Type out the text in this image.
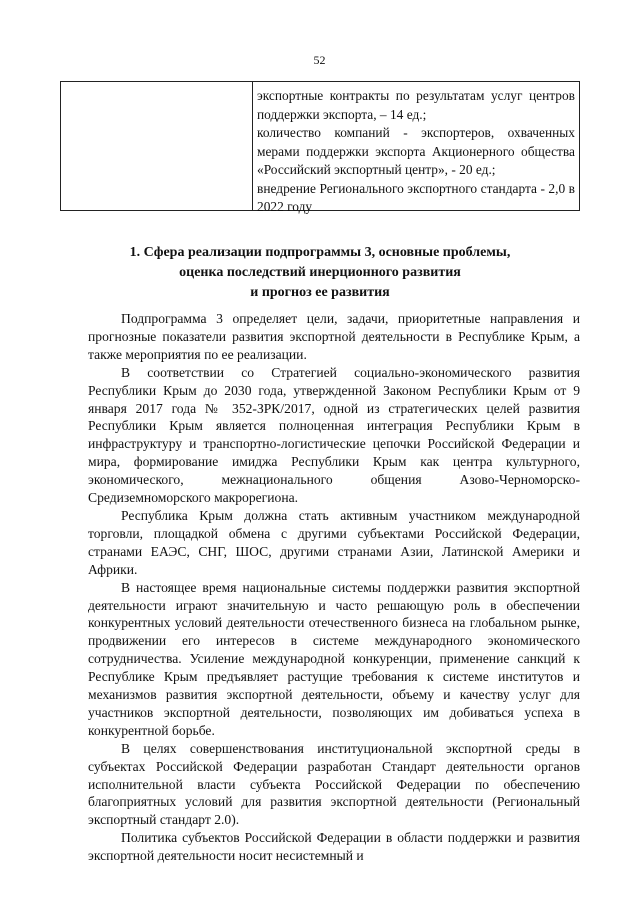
52

экспортные контракты по результатам услуг центров поддержки экспорта, – 14 ед.;

количество компаний - экспортеров, охваченных мерами поддержки экспорта Акционерного общества «Российский экспортный центр», - 20 ед.;

внедрение Регионального экспортного стандарта - 2,0 в 2022 году

1. Сфера реализации подпрограммы 3, основные проблемы,
оценка последствий инерционного развития
и прогноз ее развития

Подпрограмма 3 определяет цели, задачи, приоритетные направления и прогнозные показатели развития экспортной деятельности в Республике Крым, а также мероприятия по ее реализации.

В соответствии со Стратегией социально-экономического развития Республики Крым до 2030 года, утвержденной Законом Республики Крым от 9 января 2017 года № 352-ЗРК/2017, одной из стратегических целей развития Республики Крым является полноценная интеграция Республики Крым в инфраструктуру и транспортно-логистические цепочки Российской Федерации и мира, формирование имиджа Республики Крым как центра культурного, экономического, межнационального общения Азово-Черноморско-Средиземноморского макрорегиона.

Республика Крым должна стать активным участником международной торговли, площадкой обмена с другими субъектами Российской Федерации, странами ЕАЭС, СНГ, ШОС, другими странами Азии, Латинской Америки и Африки.

В настоящее время национальные системы поддержки развития экспортной деятельности играют значительную и часто решающую роль в обеспечении конкурентных условий деятельности отечественного бизнеса на глобальном рынке, продвижении его интересов в системе международного экономического сотрудничества. Усиление международной конкуренции, применение санкций к Республике Крым предъявляет растущие требования к системе институтов и механизмов развития экспортной деятельности, объему и качеству услуг для участников экспортной деятельности, позволяющих им добиваться успеха в конкурентной борьбе.

В целях совершенствования институциональной экспортной среды в субъектах Российской Федерации разработан Стандарт деятельности органов исполнительной власти субъекта Российской Федерации по обеспечению благоприятных условий для развития экспортной деятельности (Региональный экспортный стандарт 2.0).

Политика субъектов Российской Федерации в области поддержки и развития экспортной деятельности носит несистемный и
